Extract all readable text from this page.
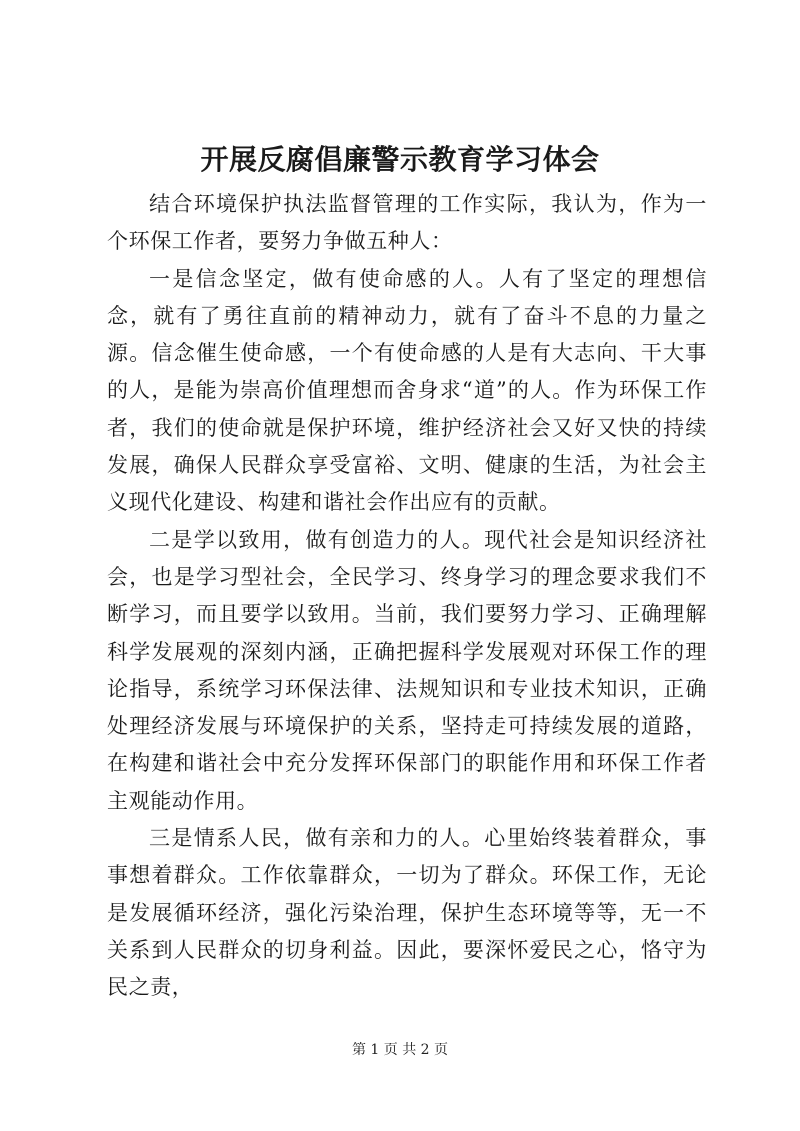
开展反腐倡廉警示教育学习体会

结合环境保护执法监督管理的工作实际，我认为，作为一个环保工作者，要努力争做五种人：

一是信念坚定，做有使命感的人。人有了坚定的理想信念，就有了勇往直前的精神动力，就有了奋斗不息的力量之源。信念催生使命感，一个有使命感的人是有大志向、干大事的人，是能为崇高价值理想而舍身求“道”的人。作为环保工作者，我们的使命就是保护环境，维护经济社会又好又快的持续发展，确保人民群众享受富裕、文明、健康的生活，为社会主义现代化建设、构建和谐社会作出应有的贡献。

二是学以致用，做有创造力的人。现代社会是知识经济社会，也是学习型社会，全民学习、终身学习的理念要求我们不断学习，而且要学以致用。当前，我们要努力学习、正确理解科学发展观的深刻内涵，正确把握科学发展观对环保工作的理论指导，系统学习环保法律、法规知识和专业技术知识，正确处理经济发展与环境保护的关系，坚持走可持续发展的道路，在构建和谐社会中充分发挥环保部门的职能作用和环保工作者主观能动作用。

三是情系人民，做有亲和力的人。心里始终装着群众，事事想着群众。工作依靠群众，一切为了群众。环保工作，无论是发展循环经济，强化污染治理，保护生态环境等等，无一不关系到人民群众的切身利益。因此，要深怀爱民之心，恪守为民之责，

第 1 页 共 2 页
